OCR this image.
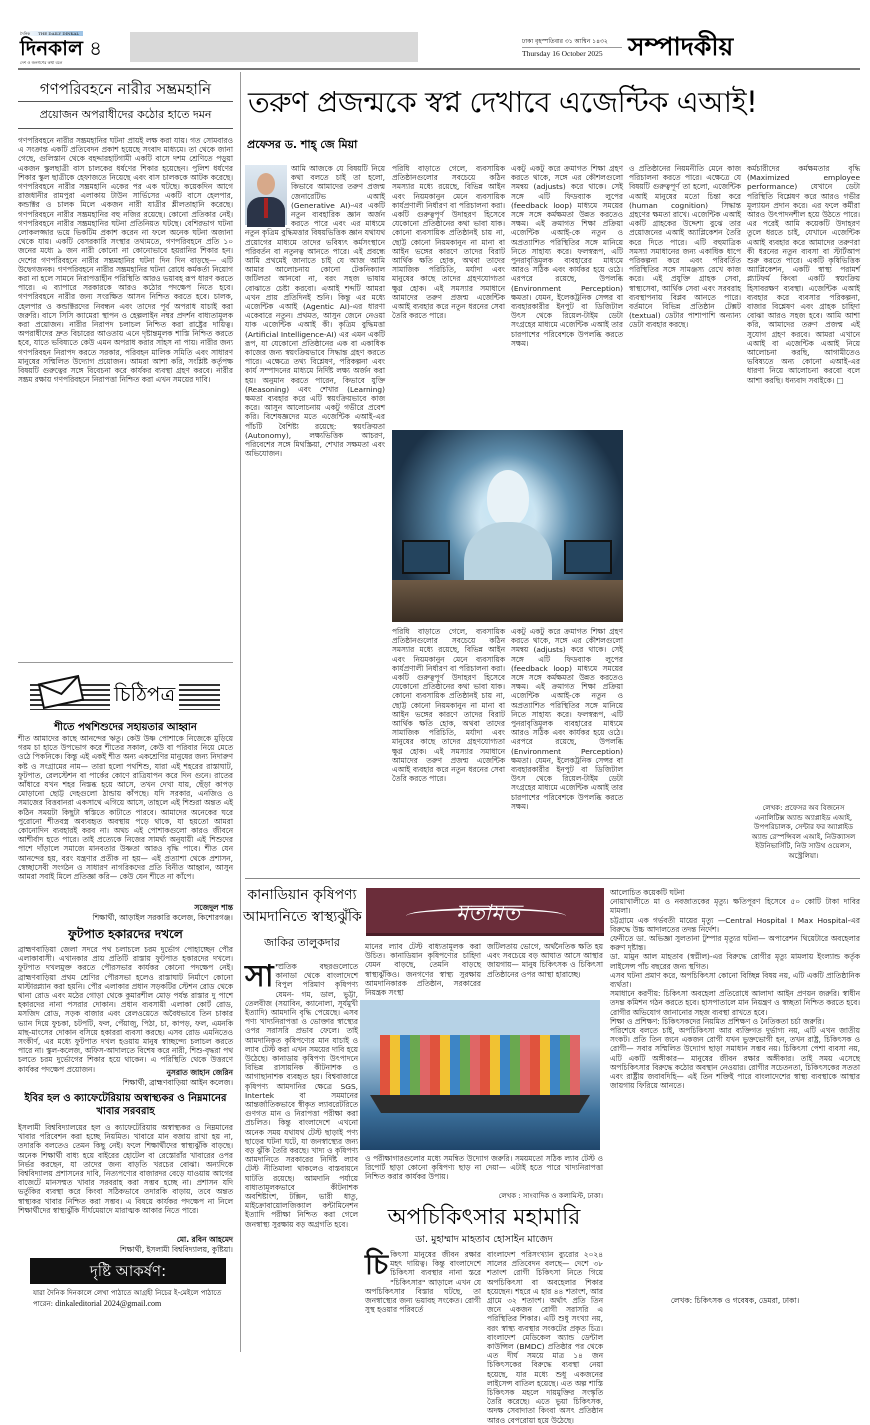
দৈনিক THE DAILY DINKAL
দিনকাল
দেশ ও জনগণের কথা বলে
৪	ঢাকা বৃহস্পতিবার ৩১ আশ্বিন ১৪৩২
Thursday 16 October 2025	সম্পাদকীয়
গণপরিবহনে নারীর সম্ভ্রমহানি
প্রয়োজন অপরাধীদের কঠোর হাতে দমন
গণপরিবহনে নারীর সম্ভ্রমহানির ঘটনা প্রায়ই লক্ষ করা যায়। গত সোমবারও এ সংক্রান্ত একটি প্রতিবেদন প্রকাশ হয়েছে সংবাদ মাধ্যমে। তা থেকে জানা গেছে, গুলিস্তান থেকে বহদ্দারহাটগামী একটি বাসে দশম শ্রেণিতে পড়ুয়া একজন স্কুলছাত্রী বাস চালকের ধর্ষণের শিকার হয়েছেন। পুলিশ ধর্ষণের শিকার স্কুল ছাত্রীকে হেফাজতে নিয়েছে এবং বাস চালককে আটক করেছে। গণপরিবহনে নারীর সম্ভ্রমহানি একের পর এক ঘটছে। কয়েকদিন আগে রাজধানীর রামপুরা এলাকায় টাউন সার্ভিসের একটি বাসে হেলপার, কন্ডাক্টর ও চালক মিলে একজন নারী যাত্রীর শ্লীলতাহানি করেছে। গণপরিবহনে নারীর সম্ভ্রমহানির বহু নজির রয়েছে। কোনো প্রতিকার নেই। গণপরিবহনে নারীর সম্ভ্রমহানির ঘটনা প্রতিনিয়ত ঘটছে। বেশিরভাগ ঘটনা লোকলজ্জার ভয়ে ভিকটিম প্রকাশ করেন না ফলে অনেক ঘটনা অজানা থেকে যায়। একটি বেসরকারি সংস্থার তথ্যমতে, গণপরিবহনে প্রতি ১০ জনের মধ্যে ৯ জন নারী কোনো না কোনোভাবে হয়রানির শিকার হন। দেশের গণপরিবহনে নারীর সম্ভ্রমহানির ঘটনা দিন দিন বাড়ছে— এটি উদ্বেগজনক। গণপরিবহনে নারীর সম্ভ্রমহানির ঘটনা রোধে কর্মকর্তা নিয়োগ করা না হলে সামনে নিরাপত্তাহীন পরিস্থিতি আরও ভয়াবহ রূপ ধারণ করতে পারে। এ ব্যাপারে সরকারকে আরও কঠোর পদক্ষেপ নিতে হবে। গণপরিবহনে নারীর জন্য সংরক্ষিত আসন নিশ্চিত করতে হবে। চালক, হেলপার ও কন্ডাক্টরদের নিবন্ধন এবং তাদের পূর্ব অপরাধ যাচাই করা জরুরি। বাসে সিসি ক্যামেরা স্থাপন ও হেল্পলাইন নম্বর প্রদর্শন বাধ্যতামূলক করা প্রয়োজন। নারীর নিরাপদ চলাচল নিশ্চিত করা রাষ্ট্রের দায়িত্ব। অপরাধীদের দ্রুত বিচারের আওতায় এনে দৃষ্টান্তমূলক শাস্তি নিশ্চিত করতে হবে, যাতে ভবিষ্যতে কেউ এমন অপরাধ করার সাহস না পায়। নারীর জন্য গণপরিবহন নিরাপদ করতে সরকার, পরিবহন মালিক সমিতি এবং সাধারণ মানুষের সম্মিলিত উদ্যোগ প্রয়োজন। আমরা আশা করি, সংশ্লিষ্ট কর্তৃপক্ষ বিষয়টি গুরুত্বের সঙ্গে বিবেচনা করে কার্যকর ব্যবস্থা গ্রহণ করবে। নারীর সম্ভ্রম রক্ষায় গণপরিবহনে নিরাপত্তা নিশ্চিত করা এখন সময়ের দাবি।
চিঠিপত্র
শীতে পথশিশুদের সহায়তার আহ্বান
শীত আমাদের কাছে আনন্দের ঋতু। কেউ উষ্ণ পোশাকে নিজেকে মুড়িয়ে গরম চা হাতে উপভোগ করে শীতের সকাল, কেউ বা পরিবার নিয়ে মেতে ওঠে পিকনিকে। কিন্তু এই একই শীত অন্য একশ্রেণির মানুষের জন্য নিদারুণ কষ্ট ও সংগ্রামের নাম— তারা হলো পথশিশু, যারা এই শহরের রাস্তাঘাট, ফুটপাত, রেলস্টেশন বা পার্কের কোণে রাত্রিযাপন করে দিন গুনে। রাতের আঁধারে যখন শহর নিস্তব্ধ হয়ে আসে, তখন দেখা যায়, ছেঁড়া কাপড় মোড়ানো ছোট্ট দেহগুলো ঠান্ডায় কাঁপছে। যদি সরকার, এনজিও ও সমাজের বিত্তবানরা একসাথে এগিয়ে আসে, তাহলে এই শিশুরা অন্তত এই কঠিন সময়টা কিছুটা স্বস্তিতে কাটাতে পারবে। আমাদের অনেকের ঘরে পুরোনো শীতবস্ত্র অব্যবহৃত অবস্থায় পড়ে থাকে, যা হয়তো আমরা কোনোদিন ব্যবহারই করব না। অথচ এই পোশাকগুলো কারও জীবনে আশীর্বাদ হতে পারে। তাই প্রত্যেকে নিজের সামর্থ্য অনুযায়ী এই শিশুদের পাশে দাঁড়ালে সমাজে মানবতার উষ্ণতা আরও বৃদ্ধি পাবে। শীত যেন আনন্দের হয়, বরং যন্ত্রণার প্রতীক না হয়— এই প্রত্যাশা থেকে প্রশাসন, স্বেচ্ছাসেবী সংগঠন ও সাধারণ নাগরিকদের প্রতি বিনীত আহ্বান, আসুন আমরা সবাই মিলে প্রতিজ্ঞা করি— কেউ যেন শীতে না কাঁপে।
সজেদুল শান্ত
শিক্ষার্থী, আড়াইল সরকারি কলেজ, কিশোরগঞ্জ।
ফুটপাত হকারদের দখলে
ব্রাহ্মণবাড়িয়া জেলা সদরে পথ চলাচলে চরম দুর্ভোগ পোহাচ্ছেন পৌর এলাকাবাসী। এখানকার প্রায় প্রতিটি রাস্তায় ফুটপাত হকারদের দখলে। ফুটপাত দখলমুক্ত করতে পৌরসভার কার্যকর কোনো পদক্ষেপ নেই। ব্রাহ্মণবাড়িয়া প্রথম শ্রেণির পৌরসভা হলেও রাস্তাঘাট নির্মাণে কোনো মাস্টারপ্ল্যান করা হয়নি। পৌর এলাকার প্রধান সড়কটির স্টেশন রোড থেকে থানা রোড এবং মঠের গোড়া থেকে কুমারশীল মোড় পর্যন্ত রাস্তার দু পাশে হকারদের নানা পসরার দোকান। প্রধান ব্যবসায়ী এলাকা কোর্ট রোড, মসজিদ রোড, সড়ক বাজার এবং রেলওয়েতে অবৈধভাবে তিন চাকার ভ্যান দিয়ে ফুচকা, চটপটি, ফল, পেঁয়াজু, পিঠা, চা, কাপড়, ফল, এমনকি মাছ-মাংসের দোকান বসিয়ে হকাররা ব্যবসা করছে। এসব রোড এমনিতেও সংকীর্ণ, এর মধ্যে ফুটপাত দখল হওয়ায় মানুষ স্বাচ্ছন্দ্যে চলাচল করতে পারে না। স্কুল-কলেজ, অফিস-আদালতে বিশেষ করে নারী, শিশু-বৃদ্ধরা পথ চলতে চরম দুর্ভোগের শিকার হয়ে থাকেন। এ পরিস্থিতি থেকে উত্তরণে কার্যকর পদক্ষেপ প্রয়োজন।	নুসরাত জাহান জেরিন
শিক্ষার্থী, ব্রাহ্মণবাড়িয়া আইন কলেজ।
ইবির হল ও ক্যাফেটেরিয়ায় অস্বাস্থ্যকর ও নিম্নমানের খাবার সরবরাহ
ইসলামী বিশ্ববিদ্যালয়ের হল ও ক্যাফেটেরিয়ায় অস্বাস্থ্যকর ও নিম্নমানের খাবার পরিবেশন করা হচ্ছে নিয়মিত। খাবারে মান বজায় রাখা হয় না, তদারকি বলতেও তেমন কিছু নেই। ফলে শিক্ষার্থীদের স্বাস্থ্যঝুঁকি বাড়ছে। অনেক শিক্ষার্থী বাধ্য হয়ে বাইরের হোটেল বা রেস্তোরাঁর খাবারের ওপর নির্ভর করছেন, যা তাদের জন্য বাড়তি খরচের বোঝা। অন্যদিকে বিশ্ববিদ্যালয় প্রশাসনের দাবি, নিত্যপণ্যের বাজারদর বেড়ে যাওয়ায় আগের বাজেটে মানসম্মত খাবার সরবরাহ করা সম্ভব হচ্ছে না। প্রশাসন যদি ভর্তুকির ব্যবস্থা করে কিংবা সঠিকভাবে তদারকি বাড়ায়, তবে অন্তত স্বাস্থ্যকর খাবার নিশ্চিত করা সম্ভব। এ বিষয়ে কার্যকর পদক্ষেপ না নিলে শিক্ষার্থীদের স্বাস্থ্যঝুঁকি দীর্ঘমেয়াদে মারাত্মক আকার নিতে পারে।
মো. রবিন আহমেদ
শিক্ষার্থী, ইসলামী বিশ্ববিদ্যালয়, কুষ্টিয়া।
দৃষ্টি আকর্ষণ:
যারা দৈনিক দিনকালে লেখা পাঠাতে আগ্রহী নিচের ই-মেইলে পাঠাতে পারেন: dinkaleditorial 2024@gmail.com
তরুণ প্রজন্মকে স্বপ্ন দেখাবে এজেন্টিক এআই!
প্রফেসর ড. শাহ্ জে মিয়া
আমি আজকে যে বিষয়টি নিয়ে কথা বলতে চাই তা হলো, কিভাবে আমাদের তরুণ প্রজন্ম জেনারেটিভ এআই (Generative AI)-এর একটি নতুন ব্যবহারিক জ্ঞান অর্জন করতে পারে এবং এর মাধ্যমে নতুন কৃত্রিম বুদ্ধিমত্তার বিষয়ভিত্তিক জ্ঞান যথাযথ প্রয়োগের মাধ্যমে তাদের ভবিষ্যৎ কর্মসংস্থানে পরিবর্তন বা নতুনত্ব আনতে পারে। এই প্রবন্ধে আমি প্রথমেই জানাতে চাই যে আজ আমি আমার আলোচনায় কোনো টেকনিক্যাল জটিলতা আনবো না, বরং সহজ ভাষায় বোঝাতে চেষ্টা করবো। এআই শব্দটি আমরা এখন প্রায় প্রতিদিনই শুনি। কিন্তু এর মধ্যে এজেন্টিক এআই (Agentic AI)-এর ধারণা একেবারে নতুন। প্রথমত, আসুন জেনে নেওয়া যাক এজেন্টিক এআই কী। কৃত্রিম বুদ্ধিমত্তা (Artificial Intelligence-AI) এর এমন একটি রূপ, যা যেকোনো প্রতিষ্ঠানের এক বা একাধিক কাজের জন্য স্বয়ংক্রিয়ভাবে সিদ্ধান্ত গ্রহণ করতে পারে। এক্ষেত্রে তথ্য বিশ্লেষণ, পরিকল্পনা এবং কার্য সম্পাদনের মাধ্যমে নির্দিষ্ট লক্ষ্য অর্জন করা হয়। অনুমান করতে পারেন, কিভাবে যুক্তি (Reasoning) এবং শেখার (Learning) ক্ষমতা ব্যবহার করে এটি স্বয়ংক্রিয়ভাবে কাজ করে। আসুন আলোচনায় একটু গভীরে প্রবেশ করি। বিশেষজ্ঞদের মতে এজেন্টিক এআই-এর পাঁচটি বৈশিষ্ট্য রয়েছে: স্বয়ংক্রিয়তা (Autonomy), লক্ষ্যভিত্তিক আচরণ, পরিবেশের সঙ্গে মিথস্ক্রিয়া, শেখার সক্ষমতা এবং অভিযোজন।
পরিধি বাড়াতে গেলে, ব্যবসায়িক প্রতিষ্ঠানগুলোর সবচেয়ে কঠিন সমস্যার মধ্যে রয়েছে, বিভিন্ন আইন এবং নিয়মকানুন মেনে ব্যবসায়িক কার্যপ্রণালী নির্ধারণ বা পরিচালনা করা। একটি গুরুত্বপূর্ণ উদাহরণ হিসেবে যেকোনো প্রতিষ্ঠানের কথা ভাবা যাক। কোনো ব্যবসায়িক প্রতিষ্ঠানই চায় না, ছোট্ট কোনো নিয়মকানুন না মানা বা আইন ভঙ্গের কারণে তাদের বিরাট আর্থিক ক্ষতি হোক, অথবা তাদের সামাজিক পরিচিতি, মর্যাদা এবং মানুষের কাছে তাদের গ্রহণযোগ্যতা ক্ষুণ্ণ হোক। এই সমস্যার সমাধানে আমাদের তরুণ প্রজন্ম এজেন্টিক এআই ব্যবহার করে নতুন ধরনের সেবা তৈরি করতে পারে।
একটু একটু করে ক্রমাগত শিক্ষা গ্রহণ করতে থাকে, সঙ্গে এর কৌশলগুলো সমন্বয় (adjusts) করে থাকে। সেই সঙ্গে এটি ফিডব্যাক লুপের (feedback loop) মাধ্যমে সময়ের সঙ্গে সঙ্গে কর্মক্ষমতা উন্নত করতেও সক্ষম। এই ক্রমাগত শিক্ষা প্রক্রিয়া এজেন্টিক এআই-কে নতুন ও অপ্রত্যাশিত পরিস্থিতির সঙ্গে মানিয়ে নিতে সাহায্য করে। ফলস্বরূপ, এটি পুনরাবৃত্তিমূলক ব্যবহারের মাধ্যমে আরও সঠিক এবং কার্যকর হয়ে ওঠে। এরপরে রয়েছে, উপলব্ধি (Environment Perception) ক্ষমতা। যেমন, ইলেকট্রনিক সেন্সর বা ব্যবহারকারীর ইনপুট বা ডিজিটাল উৎস থেকে রিয়েল-টাইম ডেটা সংগ্রহের মাধ্যমে এজেন্টিক এআই তার চারপাশের পরিবেশকে উপলব্ধি করতে সক্ষম।
পরিধি বাড়াতে গেলে, ব্যবসায়িক প্রতিষ্ঠানগুলোর সবচেয়ে কঠিন সমস্যার মধ্যে রয়েছে, বিভিন্ন আইন এবং নিয়মকানুন মেনে ব্যবসায়িক কার্যপ্রণালী নির্ধারণ বা পরিচালনা করা। একটি গুরুত্বপূর্ণ উদাহরণ হিসেবে যেকোনো প্রতিষ্ঠানের কথা ভাবা যাক। কোনো ব্যবসায়িক প্রতিষ্ঠানই চায় না, ছোট্ট কোনো নিয়মকানুন না মানা বা আইন ভঙ্গের কারণে তাদের বিরাট আর্থিক ক্ষতি হোক, অথবা তাদের সামাজিক পরিচিতি, মর্যাদা এবং মানুষের কাছে তাদের গ্রহণযোগ্যতা ক্ষুণ্ণ হোক। এই সমস্যার সমাধানে আমাদের তরুণ প্রজন্ম এজেন্টিক এআই ব্যবহার করে নতুন ধরনের সেবা তৈরি করতে পারে।
একটু একটু করে ক্রমাগত শিক্ষা গ্রহণ করতে থাকে, সঙ্গে এর কৌশলগুলো সমন্বয় (adjusts) করে থাকে। সেই সঙ্গে এটি ফিডব্যাক লুপের (feedback loop) মাধ্যমে সময়ের সঙ্গে সঙ্গে কর্মক্ষমতা উন্নত করতেও সক্ষম। এই ক্রমাগত শিক্ষা প্রক্রিয়া এজেন্টিক এআই-কে নতুন ও অপ্রত্যাশিত পরিস্থিতির সঙ্গে মানিয়ে নিতে সাহায্য করে। ফলস্বরূপ, এটি পুনরাবৃত্তিমূলক ব্যবহারের মাধ্যমে আরও সঠিক এবং কার্যকর হয়ে ওঠে। এরপরে রয়েছে, উপলব্ধি (Environment Perception) ক্ষমতা। যেমন, ইলেকট্রনিক সেন্সর বা ব্যবহারকারীর ইনপুট বা ডিজিটাল উৎস থেকে রিয়েল-টাইম ডেটা সংগ্রহের মাধ্যমে এজেন্টিক এআই তার চারপাশের পরিবেশকে উপলব্ধি করতে সক্ষম।
ও প্রতিষ্ঠানের নিয়মনীতি মেনে কাজ পরিচালনা করতে পারে। এক্ষেত্রে যে বিষয়টি গুরুত্বপূর্ণ তা হলো, এজেন্টিক এআই মানুষের মতো চিন্তা করে (human cognition) সিদ্ধান্ত গ্রহণের ক্ষমতা রাখে। এজেন্টিক এআই একটি গ্রাহকের উদ্দেশ্য বুঝে তার প্রয়োজনের এআই অ্যাপ্লিকেশন তৈরি করে দিতে পারে। এটি বহুমাত্রিক সমস্যা সমাধানের জন্য একাধিক ধাপে পরিকল্পনা করে এবং পরিবর্তিত পরিস্থিতির সঙ্গে সামঞ্জস্য রেখে কাজ করে। এই প্রযুক্তি গ্রাহক সেবা, স্বাস্থ্যসেবা, আর্থিক সেবা এবং সরবরাহ ব্যবস্থাপনায় বিপ্লব আনতে পারে। বর্তমানে বিভিন্ন প্রতিষ্ঠান টেক্সট (textual) ডেটার পাশাপাশি অন্যান্য ডেটা ব্যবহার করছে।
কর্মচারীদের কর্মক্ষমতার বৃদ্ধি (Maximized employee performance) যেখানে ডেটা পরিস্থিতি বিশ্লেষণ করে আরও গভীর মূল্যায়ন প্রদান করে। এর ফলে কর্মীরা আরও উৎপাদনশীল হয়ে উঠতে পারে। এর পরেই আমি কয়েকটি উদাহরণ তুলে ধরতে চাই, যেখানে এজেন্টিক এআই ব্যবহার করে আমাদের তরুণরা কী ধরনের নতুন ব্যবসা বা স্টার্টআপ শুরু করতে পারে। একটি কৃষিভিত্তিক অ্যাপ্লিকেশন, একটি স্বাস্থ্য পরামর্শ প্ল্যাটফর্ম কিংবা একটি স্বয়ংক্রিয় হিসাবরক্ষণ ব্যবস্থা। এজেন্টিক এআই ব্যবহার করে ব্যবসার পরিকল্পনা, বাজার বিশ্লেষণ এবং গ্রাহক চাহিদা বোঝা আরও সহজ হবে। আমি আশা করি, আমাদের তরুণ প্রজন্ম এই সুযোগ গ্রহণ করবে। আমরা এখানে এআই বা এজেন্টিক এআই নিয়ে আলোচনা করছি, আগামীতেও ভবিষ্যতে অন্য কোনো এআই-এর ধারণা নিয়ে আলোচনা করবো বলে আশা করছি। ধন্যবাদ সবাইকে। □
লেখক: প্রফেসর অব বিজনেস এনালিটিক্স অ্যান্ড অ্যাপ্লাইড এআই, উপপরিচালক, সেন্টার ফর অ্যাপ্লাইড অ্যান্ড রেস্পন্সিবল এআই, নিউক্যাসল ইউনিভার্সিটি, নিউ সাউথ ওয়েলস, অস্ট্রেলিয়া।
কানাডিয়ান কৃষিপণ্য
আমদানিতে স্বাস্থ্যঝুঁকি
জাকির তালুকদার
সা ম্প্রতিক বছরগুলোতে কানাডা থেকে বাংলাদেশে বিপুল পরিমাণ কৃষিপণ্য যেমন- গম, ডাল, ভুট্টা, তেলবীজ (সয়াবিন, ক্যানোলা, সূর্যমুখী ইত্যাদি) আমদানি বৃদ্ধি পেয়েছে। এসব পণ্য খাদ্যনিরাপত্তা ও ভোক্তার স্বাস্থ্যের ওপর সরাসরি প্রভাব ফেলে। তাই আমদানিকৃত কৃষিপণ্যের মান যাচাই ও ল্যাব টেস্ট করা এখন সময়ের দাবি হয়ে উঠেছে। কানাডায় কৃষিপণ্য উৎপাদনে বিভিন্ন রাসায়নিক কীটনাশক ও আগাছানাশক ব্যবহৃত হয়। বিশ্ববাজারে কৃষিপণ্য আমদানির ক্ষেত্রে SGS, Intertek বা সমমানের আন্তর্জাতিকভাবে স্বীকৃত ল্যাবরেটরিতে গুণগত মান ও নিরাপত্তা পরীক্ষা করা প্রচলিত। কিন্তু বাংলাদেশে এখনো অনেক সময় যথাযথ টেস্ট ছাড়াই পণ্য ছাড়ের ঘটনা ঘটে, যা জনস্বাস্থ্যের জন্য বড় ঝুঁকি তৈরি করছে। খাদ্য ও কৃষিপণ্য আমদানিতে সরকারের নির্দিষ্ট ল্যাব টেস্ট নীতিমালা থাকলেও বাস্তবায়নে ঘাটতি রয়েছে। আমদানি পর্যায়ে বাধ্যতামূলকভাবে কীটনাশক অবশিষ্টাংশ, টক্সিন, ভারী ধাতু, মাইক্রোবায়োলজিক্যাল কন্টামিনেশন ইত্যাদি পরীক্ষা নিশ্চিত করা গেলে জনস্বাস্থ্য সুরক্ষায় বড় অগ্রগতি হবে।
মতামত
মানের ল্যাব টেস্ট বাধ্যতামূলক করা উচিত। কানাডিয়ান কৃষিপণ্যের চাহিদা যেমন বাড়ছে, তেমনি বাড়ছে স্বাস্থ্যঝুঁকিও। জনগণের স্বাস্থ্য সুরক্ষায় আমদানিকারক প্রতিষ্ঠান, সরকারের নিয়ন্ত্রক সংস্থা
জটিলতায় ভোগে, অর্থনৈতিক ক্ষতি হয় এবং সবচেয়ে বড় আঘাত আসে আস্থার জায়গায়— মানুষ চিকিৎসক ও চিকিৎসা প্রতিষ্ঠানের ওপর আস্থা হারাচ্ছে।
ও পরীক্ষাগারগুলোর মধ্যে সমন্বিত উদ্যোগ জরুরি। সময়মতো সঠিক ল্যাব টেস্ট ও রিপোর্ট ছাড়া কোনো কৃষিপণ্য ছাড় না দেয়া— এটাই হতে পারে খাদ্যনিরাপত্তা নিশ্চিত করার কার্যকর উপায়।
লেখক : সাংবাদিক ও কলামিস্ট, ঢাকা।
অপচিকিৎসার মহামারি
ডা. মুহাম্মাদ মাহতাব হোসাইন মাজেদ
চি কিৎসা মানুষের জীবন রক্ষার মহৎ দায়িত্ব। কিন্তু বাংলাদেশে চিকিৎসা ব্যবস্থার নানা স্তরে "চিকিৎসার" আড়ালে এখন যে অপচিকিৎসার বিস্তার ঘটছে, তা জনস্বাস্থ্যের জন্য ভয়াবহ সংকেত। রোগী সুস্থ হওয়ার পরিবর্তে
বাংলাদেশ পরিসংখ্যান ব্যুরোর ২০২৪ সালের প্রতিবেদন বলছে— দেশে ৩৮ শতাংশ রোগী চিকিৎসা নিতে গিয়ে অপচিকিৎসা বা অবহেলার শিকার হয়েছেন। শহরে এ হার ৪৪ শতাংশ, আর গ্রামে ৩২ শতাংশ। অর্থাৎ প্রতি তিন জনে একজন রোগী সরাসরি এ পরিস্থিতির শিকার। এটি শুধু সংখ্যা নয়, বরং স্বাস্থ্য ব্যবস্থার সংকটের প্রকৃত চিত্র। বাংলাদেশ মেডিকেল অ্যান্ড ডেন্টাল কাউন্সিল (BMDC) প্রতিষ্ঠার পর থেকে এত দীর্ঘ সময়ে মাত্র ১৪ জন চিকিৎসকের বিরুদ্ধে ব্যবস্থা নেয়া হয়েছে, যার মধ্যে শুধু একজনের লাইসেন্স বাতিল হয়েছে। এত অল্প শাস্তি চিকিৎসক মহলে দায়মুক্তির সংস্কৃতি তৈরি করেছে। এতে ভুয়া চিকিৎসক, অদক্ষ সেবাদাতা কিংবা অসৎ প্রতিষ্ঠান আরও বেপরোয়া হয়ে উঠেছে।
আলোচিত কয়েকটি ঘটনা
নোয়াখালীতে মা ও নবজাতকের মৃত্যু। ক্ষতিপূরণ হিসেবে ৫০ কোটি টাকা দাবির মামলা।
চট্টগ্রামে এক গর্ভবতী মায়ের মৃত্যু —Central Hospital I Max Hospital-এর বিরুদ্ধে উচ্চ আদালতের তদন্ত নির্দেশ।
ফেনীতে ডা. অভিজ্ঞা সুলতানা টুম্পার মৃত্যুর ঘটনা— অপারেশন থিয়েটারে অবহেলার করুণ দৃষ্টান্ত।
ডা. মামুন আল মাহতাব (স্বপ্নীল)-এর বিরুদ্ধে রোগীর মৃত্যু মামলায় ইংল্যান্ড কর্তৃক লাইসেন্স পাঁচ বছরের জন্য স্থগিত।
এসব ঘটনা প্রমাণ করে, অপচিকিৎসা কোনো বিচ্ছিন্ন বিষয় নয়, এটি একটি প্রাতিষ্ঠানিক ব্যর্থতা।
সমাধানে করণীয়: চিকিৎসা অবহেলা প্রতিরোধে আলাদা আইন প্রণয়ন জরুরি। স্বাধীন তদন্ত কমিশন গঠন করতে হবে। হাসপাতালে মান নিয়ন্ত্রণ ও স্বচ্ছতা নিশ্চিত করতে হবে। রোগীর অভিযোগ জানানোর সহজ ব্যবস্থা রাখতে হবে।
শিক্ষা ও প্রশিক্ষণ: চিকিৎসকদের নিয়মিত প্রশিক্ষণ ও নৈতিকতা চর্চা জরুরি।
পরিশেষে বলতে চাই, অপচিকিৎসা আর ব্যক্তিগত দুর্ভাগ্য নয়, এটি এখন জাতীয় সংকট। প্রতি তিন জনে একজন রোগী যখন ভুক্তভোগী হন, তখন রাষ্ট্র, চিকিৎসক ও রোগী— সবার সম্মিলিত উদ্যোগ ছাড়া সমাধান সম্ভব নয়। চিকিৎসা পেশা ব্যবসা নয়, এটি একটি অঙ্গীকার— মানুষের জীবন রক্ষার অঙ্গীকার। তাই সময় এসেছে অপচিকিৎসার বিরুদ্ধে কঠোর অবস্থান নেওয়ার। রোগীর সচেতনতা, চিকিৎসকের সততা এবং রাষ্ট্রীয় জবাবদিহি— এই তিন শক্তিই পারে বাংলাদেশের স্বাস্থ্য ব্যবস্থাকে আস্থার জায়গায় ফিরিয়ে আনতে।
লেখক: চিকিৎসক ও গবেষক, ডেমরা, ঢাকা।
